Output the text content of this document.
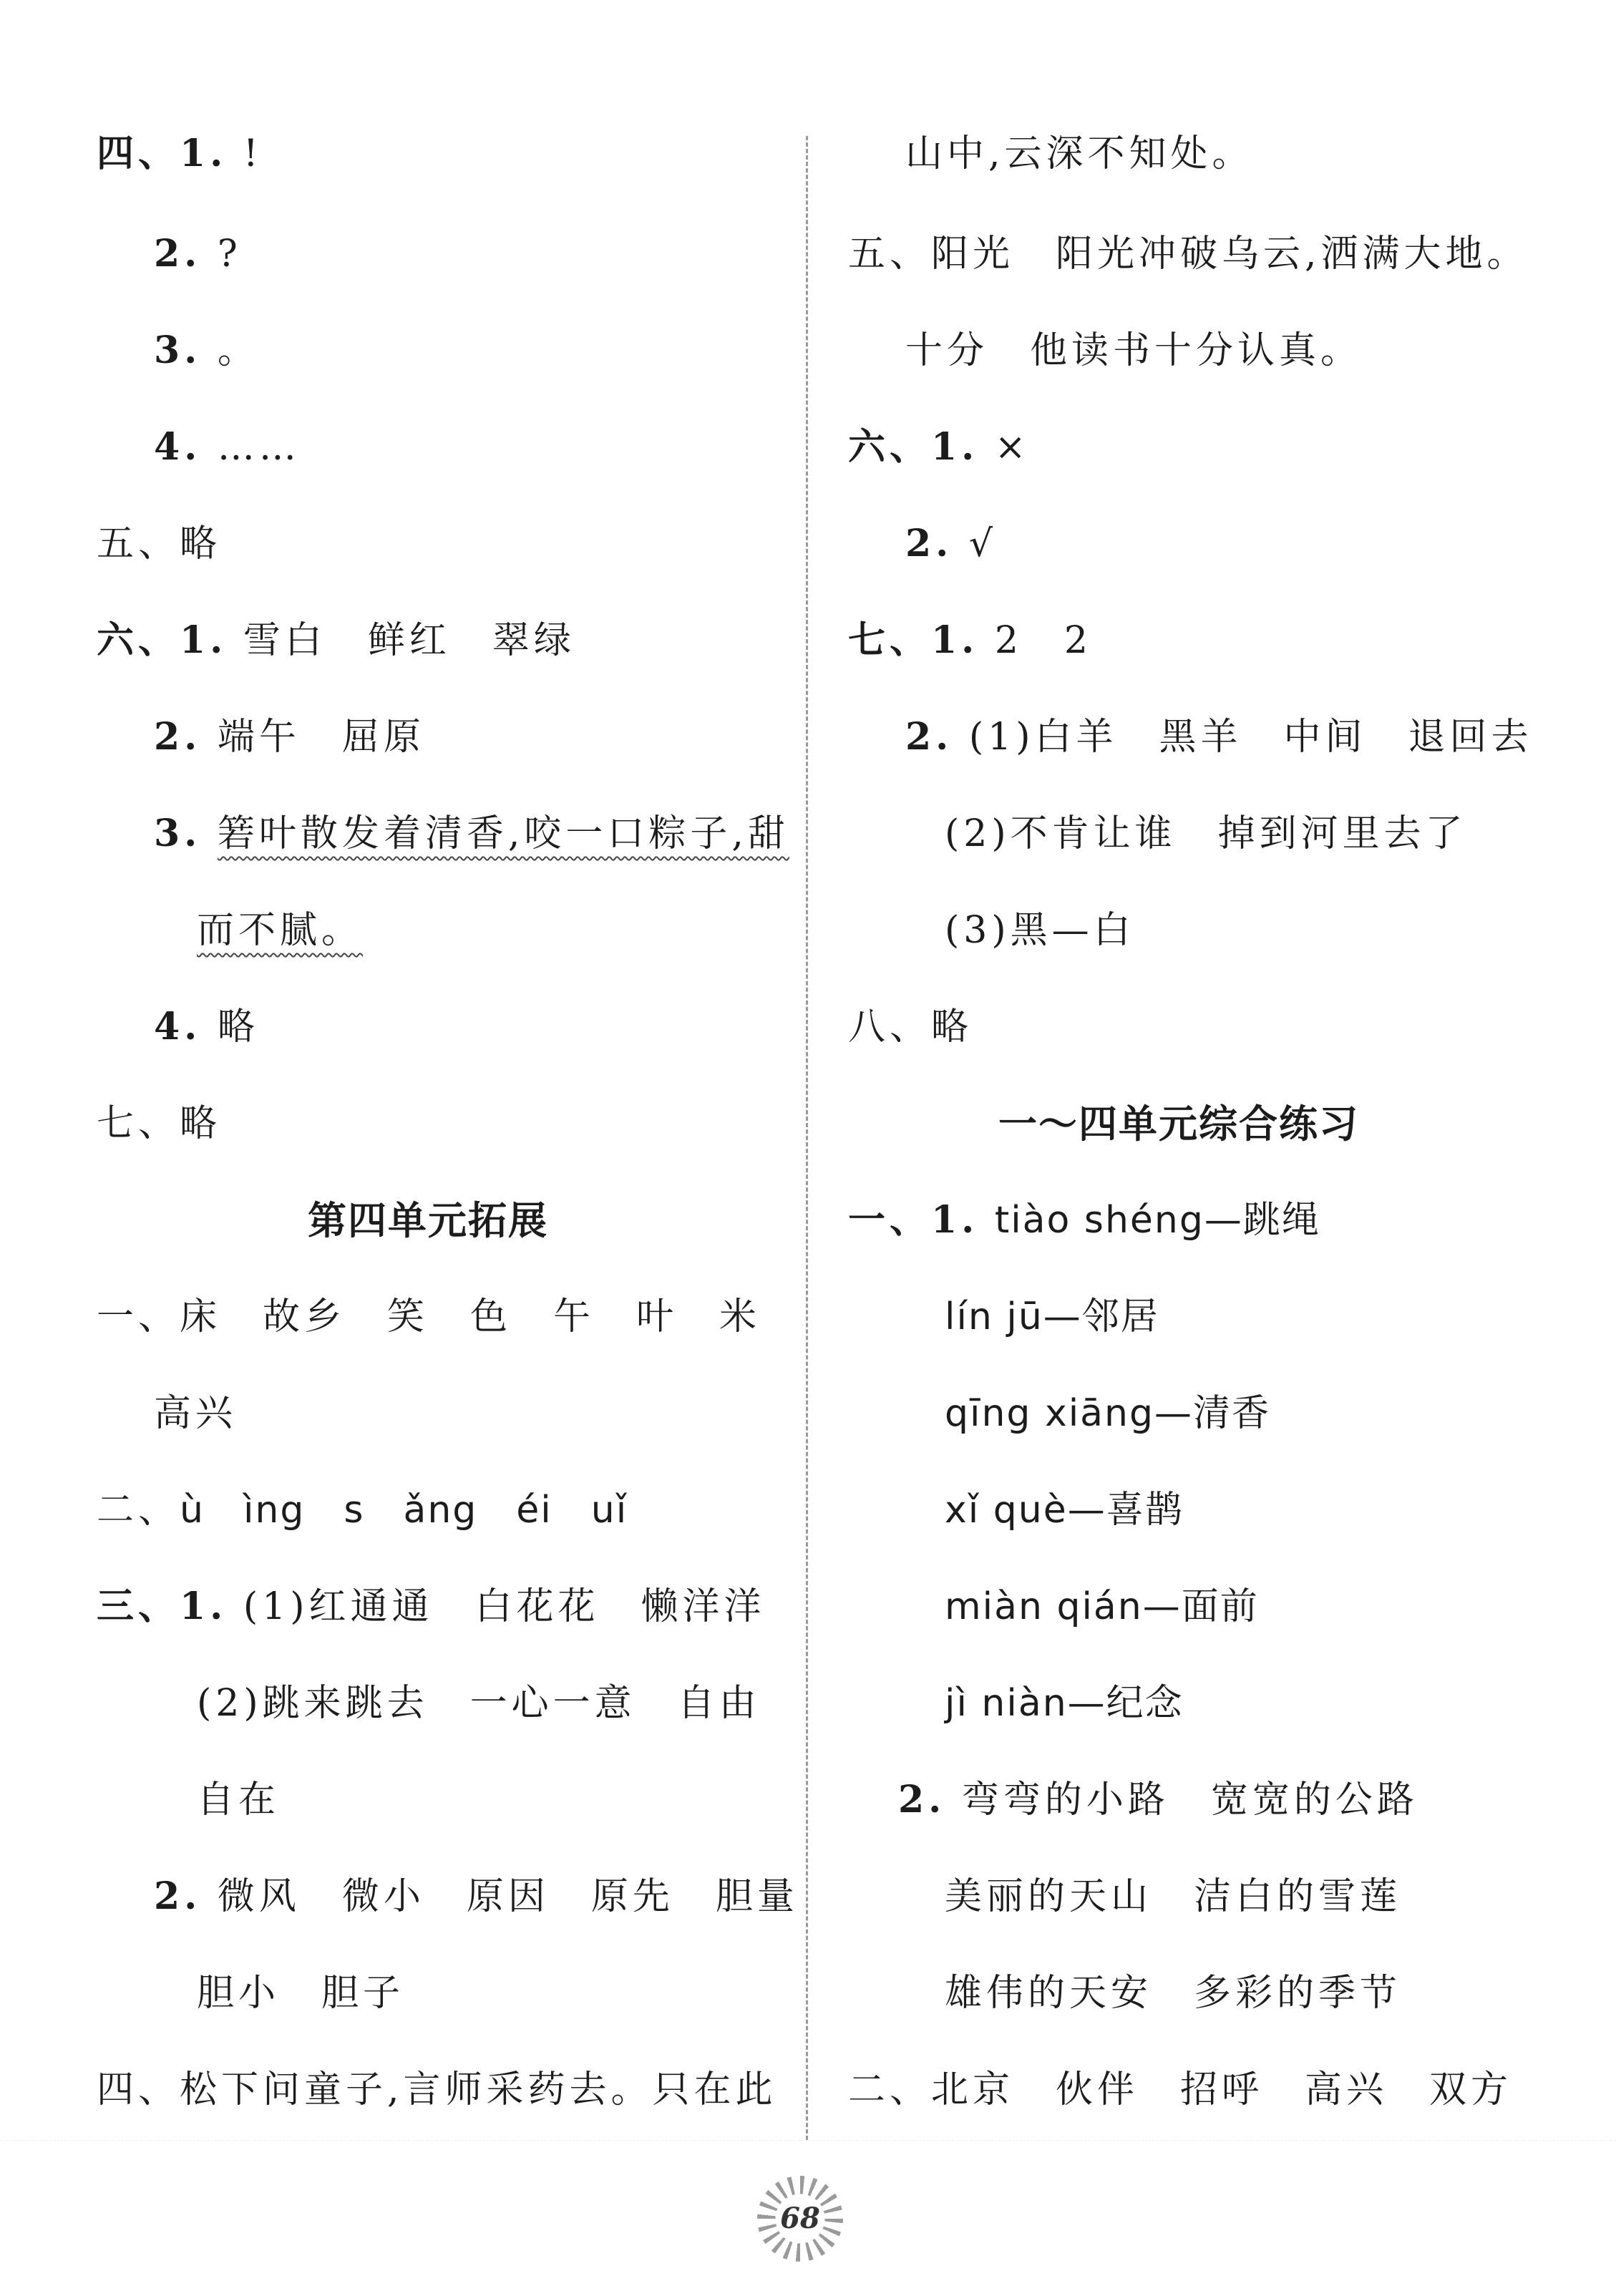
四、1. !
2. ?
3. 。
4. ……
五、略
六、1. 雪白　鲜红　翠绿
2. 端午　屈原
3. 箬叶散发着清香,咬一口粽子,甜
而不腻。
4. 略
七、略
第四单元拓展
一、床　故乡　笑　色　午　叶　米
高兴
二、ù　ìng　s　ǎng　éi　uǐ
三、1. (1)红通通　白花花　懒洋洋
(2)跳来跳去　一心一意　自由
自在
2. 微风　微小　原因　原先　胆量
胆小　胆子
四、松下问童子,言师采药去。只在此
山中,云深不知处。
五、阳光　阳光冲破乌云,洒满大地。
十分　他读书十分认真。
六、1. ×
2. √
七、1. 2　2
2. (1)白羊　黑羊　中间　退回去
(2)不肯让谁　掉到河里去了
(3)黑—白
八、略
一～四单元综合练习
一、1. tiào shéng—跳绳
lín jū—邻居
qīng xiāng—清香
xǐ què—喜鹊
miàn qián—面前
jì niàn—纪念
2. 弯弯的小路　宽宽的公路
美丽的天山　洁白的雪莲
雄伟的天安　多彩的季节
二、北京　伙伴　招呼　高兴　双方
68
